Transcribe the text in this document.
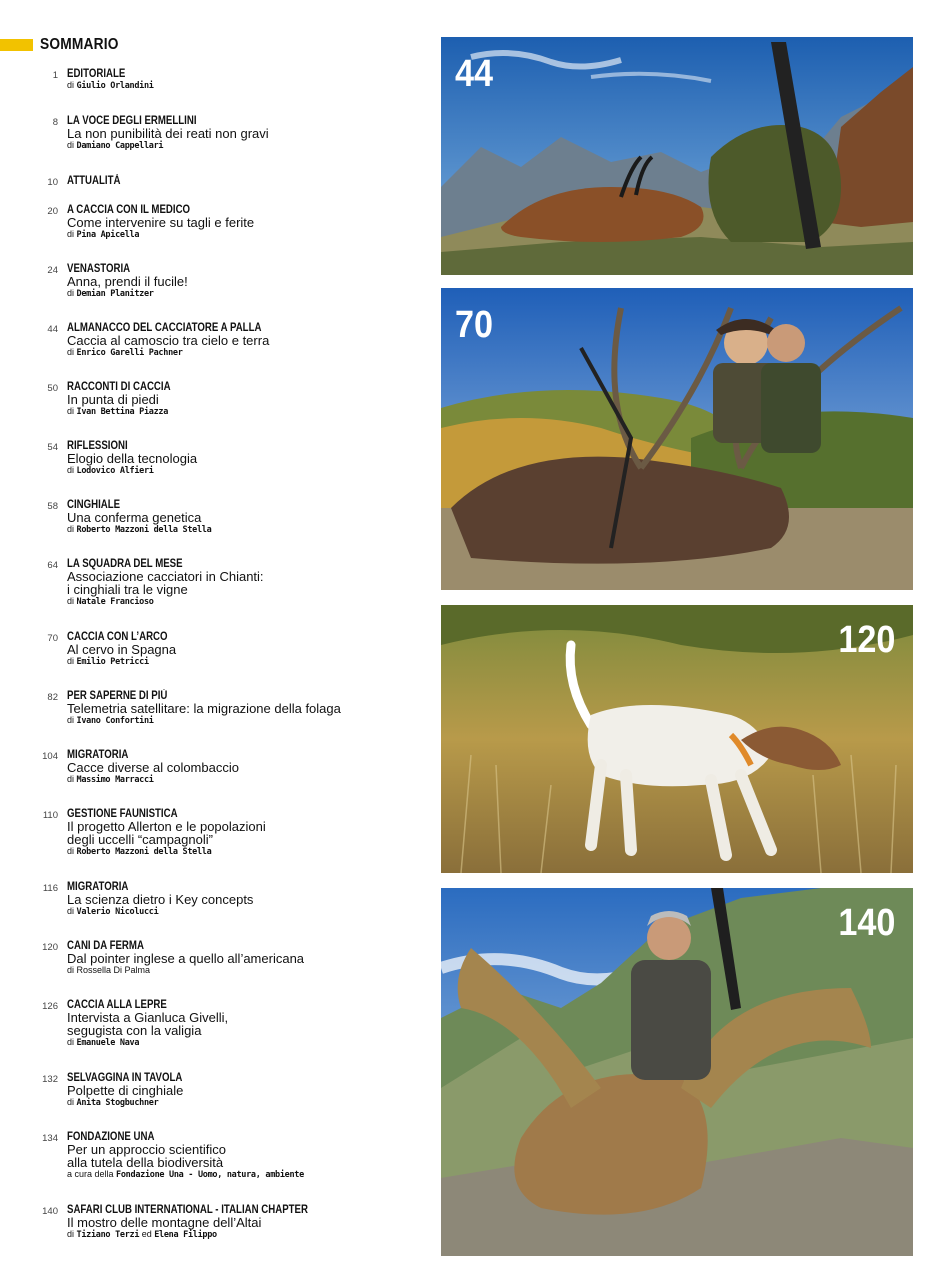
SOMMARIO
1 EDITORIALE
di Giulio Orlandini
8 LA VOCE DEGLI ERMELLINI
La non punibilità dei reati non gravi
di Damiano Cappellari
10 ATTUALITÀ
20 A CACCIA CON IL MEDICO
Come intervenire su tagli e ferite
di Pina Apicella
24 VENASTORIA
Anna, prendi il fucile!
di Demian Planitzer
44 ALMANACCO DEL CACCIATORE A PALLA
Caccia al camoscio tra cielo e terra
di Enrico Garelli Pachner
50 RACCONTI DI CACCIA
In punta di piedi
di Ivan Bettina Piazza
54 RIFLESSIONI
Elogio della tecnologia
di Lodovico Alfieri
58 CINGHIALE
Una conferma genetica
di Roberto Mazzoni della Stella
64 LA SQUADRA DEL MESE
Associazione cacciatori in Chianti:
i cinghiali tra le vigne
di Natale Francioso
70 CACCIA CON L’ARCO
Al cervo in Spagna
di Emilio Petricci
82 PER SAPERNE DI PIÙ
Telemetria satellitare: la migrazione della folaga
di Ivano Confortini
104 MIGRATORIA
Cacce diverse al colombaccio
di Massimo Marracci
110 GESTIONE FAUNISTICA
Il progetto Allerton e le popolazioni
degli uccelli “campagnoli”
di Roberto Mazzoni della Stella
116 MIGRATORIA
La scienza dietro i Key concepts
di Valerio Nicolucci
120 CANI DA FERMA
Dal pointer inglese a quello all’americana
di Rossella Di Palma
126 CACCIA ALLA LEPRE
Intervista a Gianluca Givelli,
segugista con la valigia
di Emanuele Nava
132 SELVAGGINA IN TAVOLA
Polpette di cinghiale
di Anita Stogbuchner
134 FONDAZIONE UNA
Per un approccio scientifico
alla tutela della biodiversità
a cura della Fondazione Una - Uomo, natura, ambiente
140 SAFARI CLUB INTERNATIONAL - ITALIAN CHAPTER
Il mostro delle montagne dell’Altai
di Tiziano Terzi ed Elena Filippo
44
70
120
140
